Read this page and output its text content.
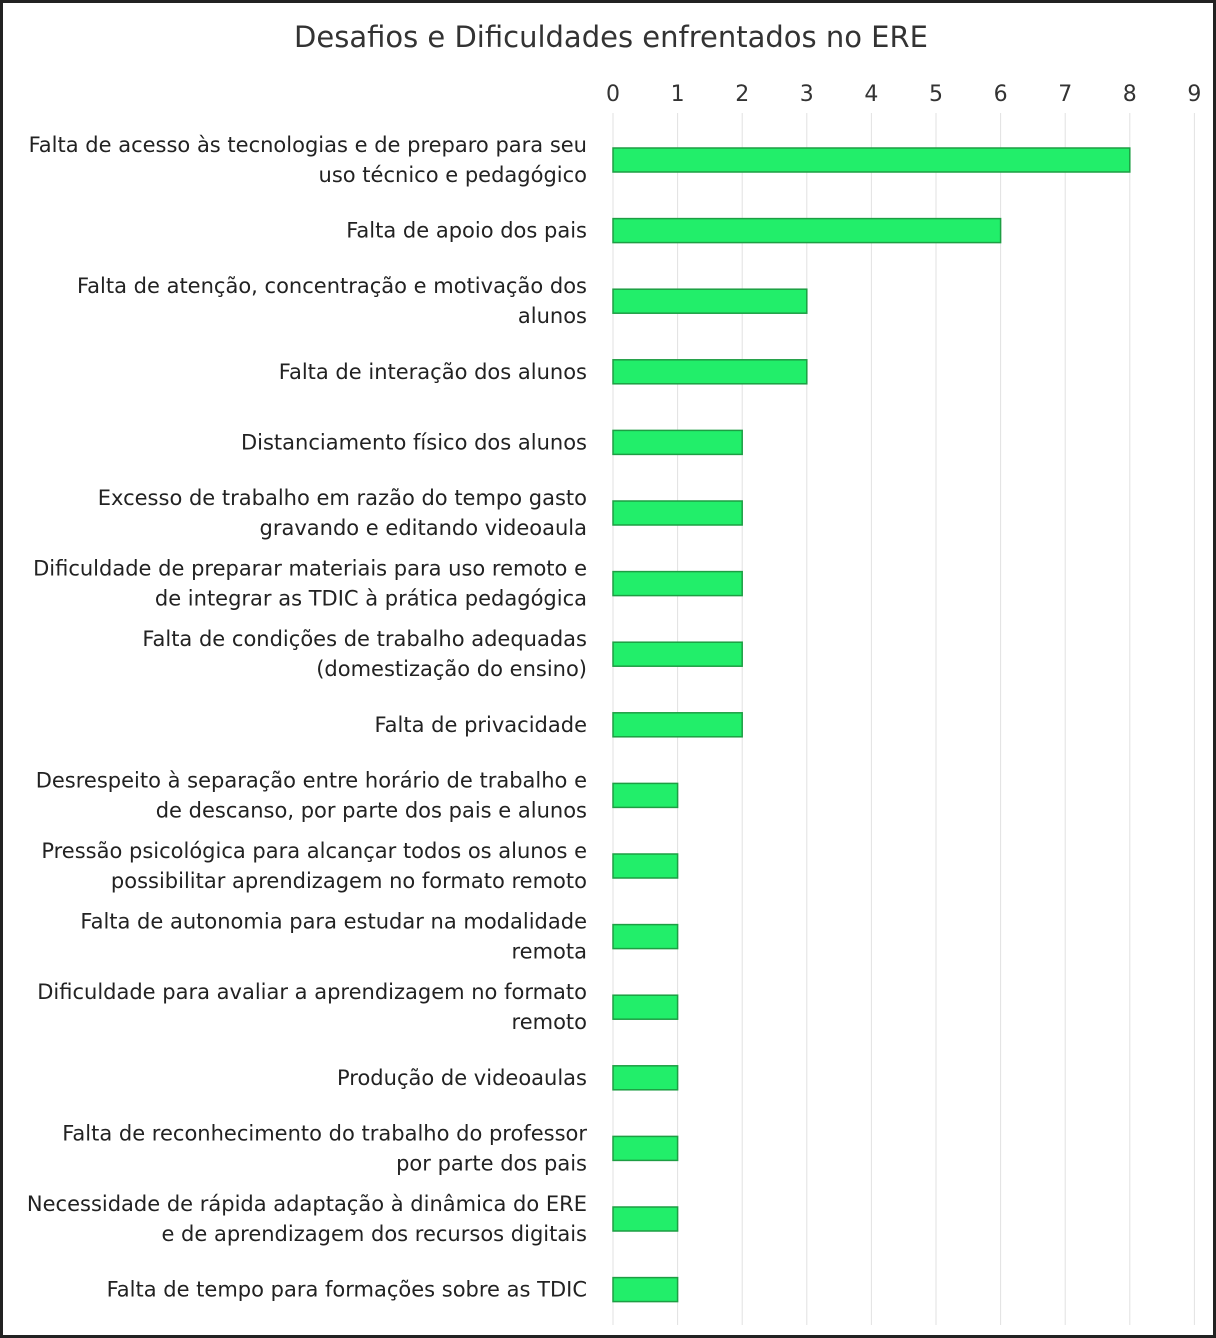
Desafios e Dificuldades enfrentados no ERE
0 1 2 3 4 5 6 7 8 9
Falta de acesso às tecnologias e de preparo para seu
uso técnico e pedagógico
Falta de apoio dos pais
Falta de atenção, concentração e motivação dos
alunos
Falta de interação dos alunos
Distanciamento físico dos alunos
Excesso de trabalho em razão do tempo gasto
gravando e editando videoaula
Dificuldade de preparar materiais para uso remoto e
de integrar as TDIC à prática pedagógica
Falta de condições de trabalho adequadas
(domestização do ensino)
Falta de privacidade
Desrespeito à separação entre horário de trabalho e
de descanso, por parte dos pais e alunos
Pressão psicológica para alcançar todos os alunos e
possibilitar aprendizagem no formato remoto
Falta de autonomia para estudar na modalidade
remota
Dificuldade para avaliar a aprendizagem no formato
remoto
Produção de videoaulas
Falta de reconhecimento do trabalho do professor
por parte dos pais
Necessidade de rápida adaptação à dinâmica do ERE
e de aprendizagem dos recursos digitais
Falta de tempo para formações sobre as TDIC
